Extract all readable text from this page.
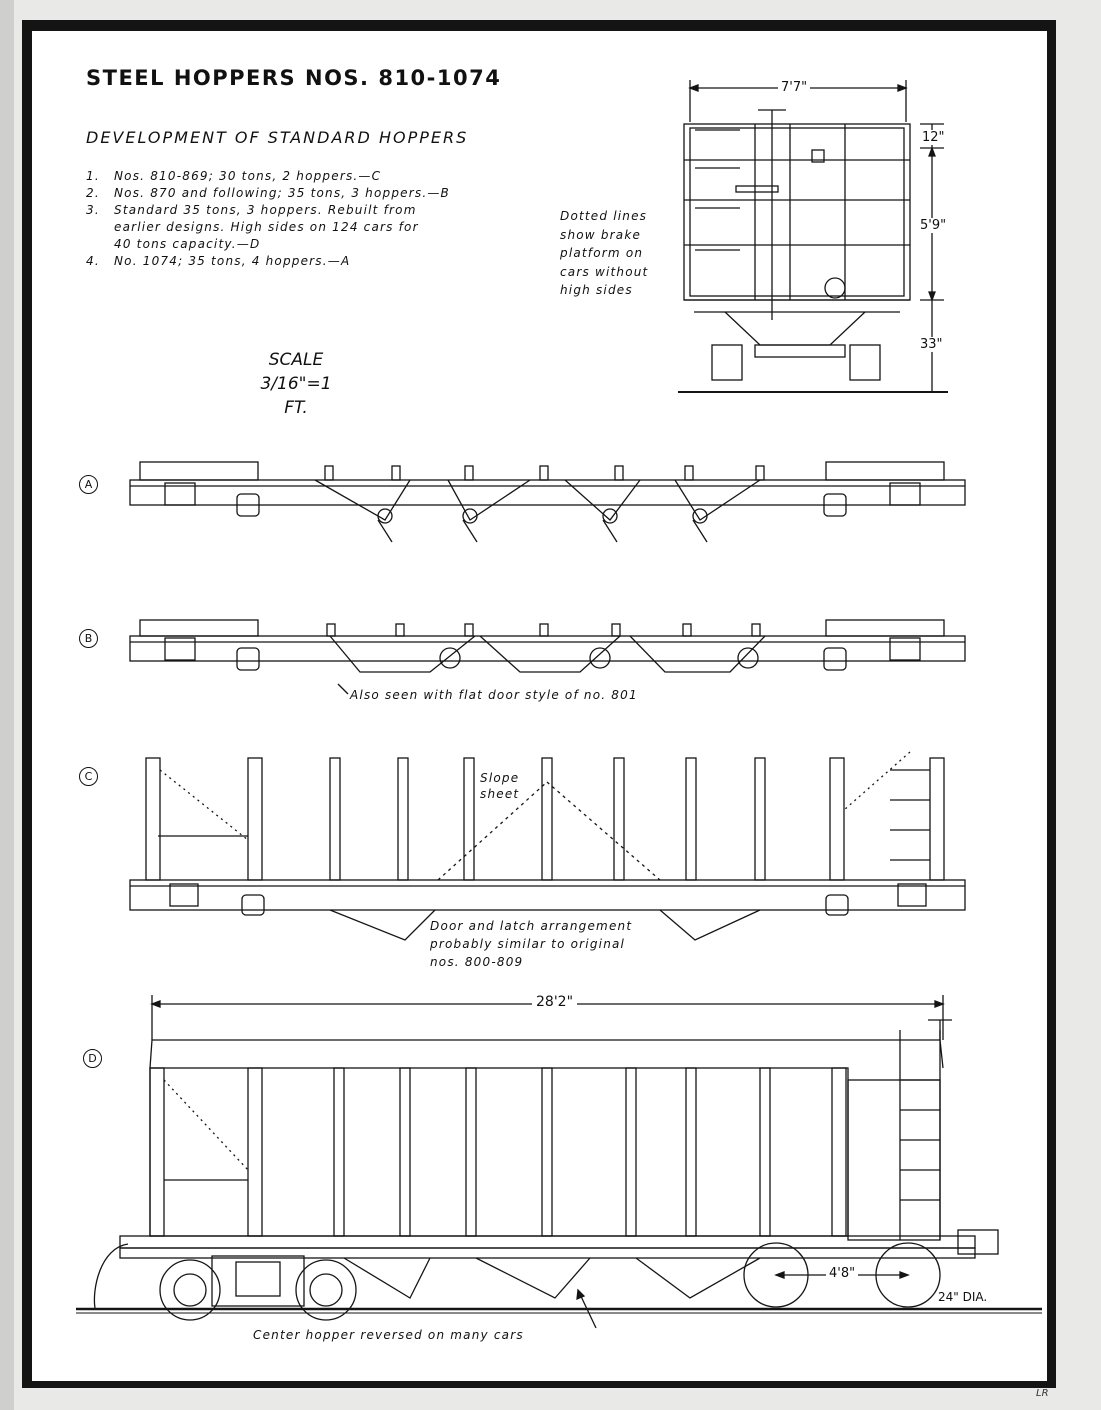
STEEL HOPPERS NOS. 810-1074
DEVELOPMENT OF STANDARD HOPPERS
1. Nos. 810-869; 30 tons, 2 hoppers.—C
2. Nos. 870 and following; 35 tons, 3 hoppers.—B
3. Standard 35 tons, 3 hoppers. Rebuilt from
earlier designs. High sides on 124 cars for
40 tons capacity.—D
4. No. 1074; 35 tons, 4 hoppers.—A
Dotted lines
show brake
platform on
cars without
high sides
SCALE
3/16"=1 FT.
7'7"
12"
5'9"
33"
A
B
C
D
Also seen with flat door style of no. 801
Slope
sheet
Door and latch arrangement
probably similar to original
nos. 800-809
28'2"
4'8"
24" DIA.
Center hopper reversed on many cars
LR
